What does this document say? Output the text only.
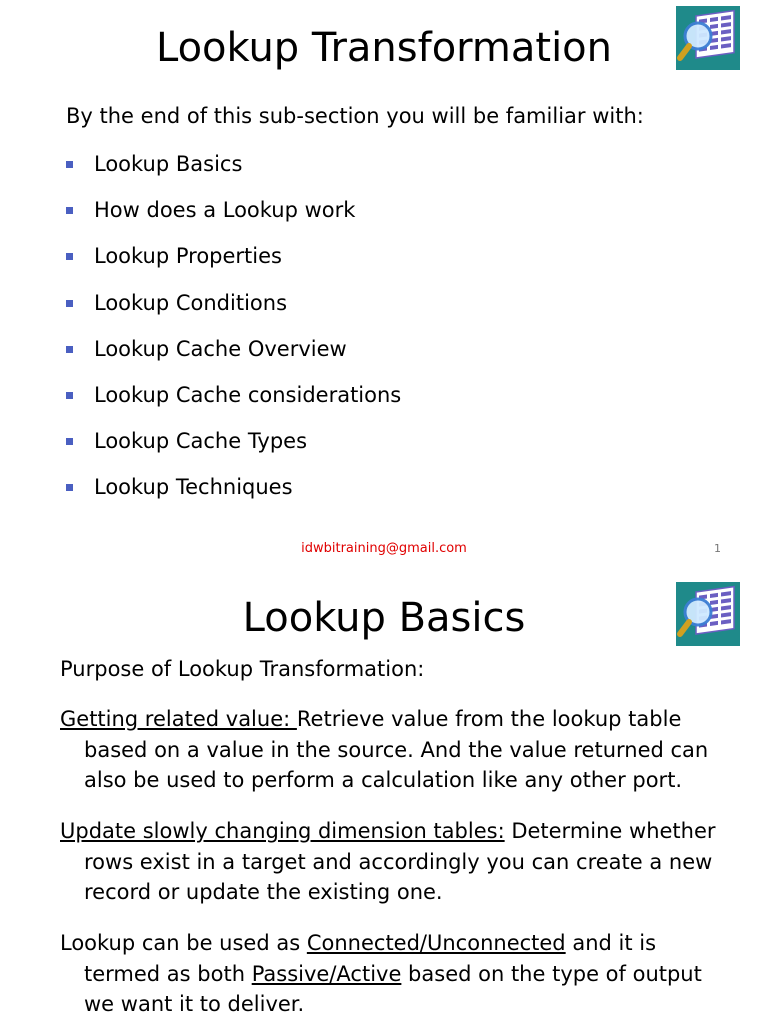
Lookup Transformation

By the end of this sub-section you will be familiar with:

Lookup Basics
How does a Lookup work
Lookup Properties
Lookup Conditions
Lookup Cache Overview
Lookup Cache considerations
Lookup Cache Types
Lookup Techniques
idwbitraining@gmail.com	1
Lookup Basics

Purpose of Lookup Transformation:

Getting related value: Retrieve value from the lookup table based on a value in the source. And the value returned can also be used to perform a calculation like any other port.

Update slowly changing dimension tables: Determine whether rows exist in a target and accordingly you can create a new record or update the existing one.

Lookup can be used as Connected/Unconnected and it is termed as both Passive/Active based on the type of output we want it to deliver.
